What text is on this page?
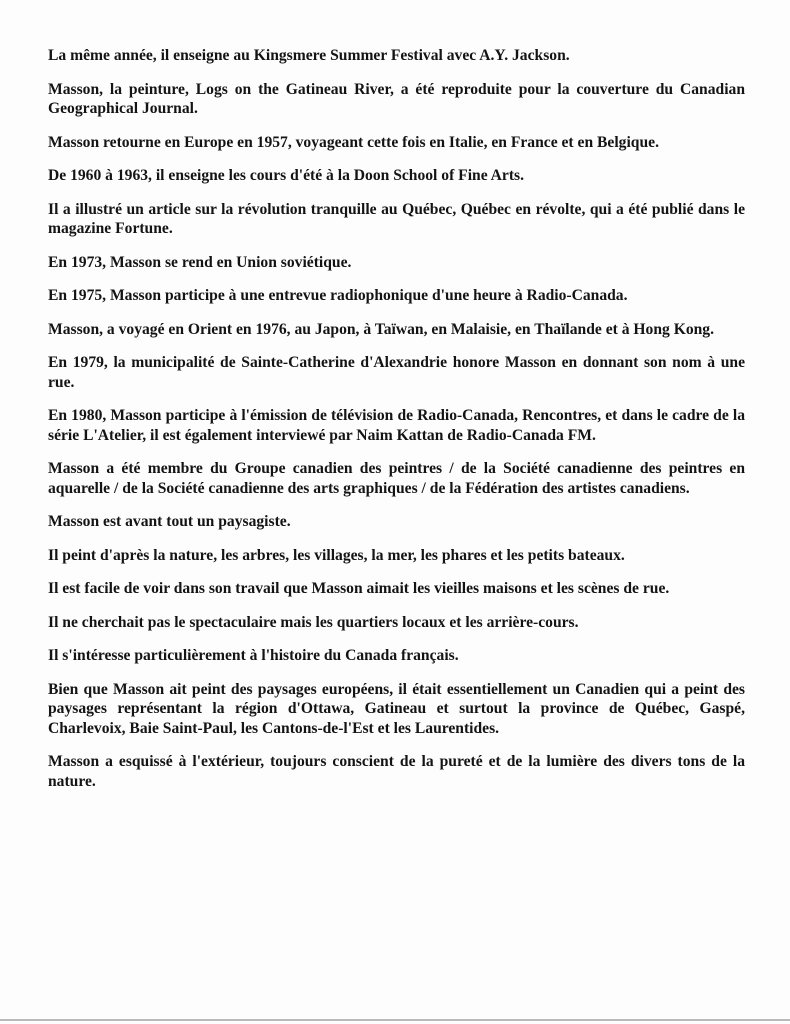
La même année, il enseigne au Kingsmere Summer Festival avec A.Y. Jackson.

Masson, la peinture, Logs on the Gatineau River, a été reproduite pour la couverture du Canadian Geographical Journal.

Masson retourne en Europe en 1957, voyageant cette fois en Italie, en France et en Belgique.

De 1960 à 1963, il enseigne les cours d'été à la Doon School of Fine Arts.

Il a illustré un article sur la révolution tranquille au Québec, Québec en révolte, qui a été publié dans le magazine Fortune.

En 1973, Masson se rend en Union soviétique.

En 1975, Masson participe à une entrevue radiophonique d'une heure à Radio-Canada.

Masson, a voyagé en Orient en 1976, au Japon, à Taïwan, en Malaisie, en Thaïlande et à Hong Kong.

En 1979, la municipalité de Sainte-Catherine d'Alexandrie honore Masson en donnant son nom à une rue.

En 1980, Masson participe à l'émission de télévision de Radio-Canada, Rencontres, et dans le cadre de la série L'Atelier, il est également interviewé par Naim Kattan de Radio-Canada FM.

Masson a été membre du Groupe canadien des peintres / de la Société canadienne des peintres en aquarelle / de la Société canadienne des arts graphiques / de la Fédération des artistes canadiens.

Masson est avant tout un paysagiste.

Il peint d'après la nature, les arbres, les villages, la mer, les phares et les petits bateaux.

Il est facile de voir dans son travail que Masson aimait les vieilles maisons et les scènes de rue.

Il ne cherchait pas le spectaculaire mais les quartiers locaux et les arrière-cours.

Il s'intéresse particulièrement à l'histoire du Canada français.

Bien que Masson ait peint des paysages européens, il était essentiellement un Canadien qui a peint des paysages représentant la région d'Ottawa, Gatineau et surtout la province de Québec, Gaspé, Charlevoix, Baie Saint-Paul, les Cantons-de-l'Est et les Laurentides.

Masson a esquissé à l'extérieur, toujours conscient de la pureté et de la lumière des divers tons de la nature.
